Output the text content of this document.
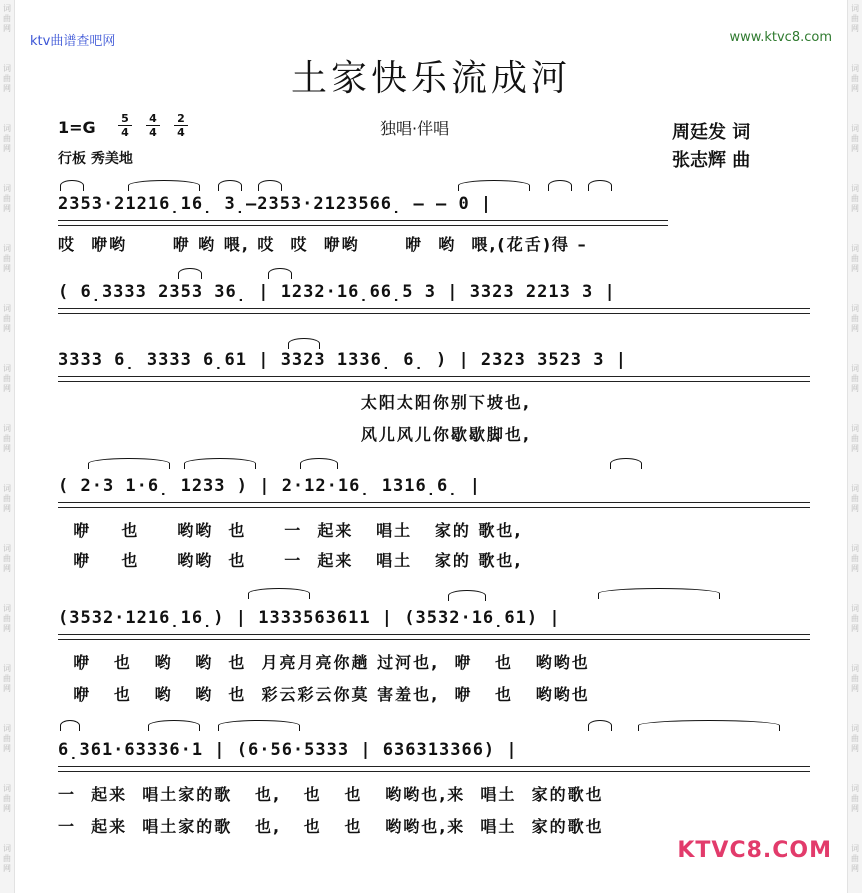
词曲网
词曲网
词曲网
词曲网
词曲网
词曲网
词曲网
词曲网
词曲网
词曲网
词曲网
词曲网
词曲网
词曲网
词曲网
词曲网
词曲网
词曲网
词曲网
词曲网
词曲网
词曲网
词曲网
词曲网
词曲网
词曲网
词曲网
词曲网
词曲网
词曲网
ktv曲谱查吧网	www.ktvc8.com
土家快乐流成河
$1=G \frac{5}{4} \frac{4}{4} \frac{2}{4}$	独唱·伴唱
行板 秀美地
周廷发 词
张志辉 曲
2353·21216̣16̣ 3̣–2353·2123566̣ – – 0 |
哎  咿哟      咿 哟 喂, 哎  哎  咿哟      咿  哟  喂,(花舌)得 –
( 6̣3333 2353 36̣ | 1232·16̣66̣5 3 | 3323 2213 3 |
3333 6̣ 3333 6̣61 | 3323 1336̣ 6̣ ) | 2323 3523 3 |
太阳太阳你别下坡也,
风儿风儿你歇歇脚也,
( 2·3 1·6̣ 1233 ) | 2·12·16̣ 1316̣6̣ |
咿    也     哟哟  也     一  起来   唱土   家的 歌也,
咿    也     哟哟  也     一  起来   唱土   家的 歌也,
(3532·1216̣16̣) | 1333563611 | (3532·16̣61) |
咿   也   哟   哟  也  月亮月亮你趟 过河也,  咿   也   哟哟也
咿   也   哟   哟  也  彩云彩云你莫 害羞也,  咿   也   哟哟也
6̣361·63336·1 | (6·56·5333 | 636313366) |
一  起来  唱土家的歌   也,   也   也   哟哟也,来  唱土  家的歌也
一  起来  唱土家的歌   也,   也   也   哟哟也,来  唱土  家的歌也
KTVC8.COM
